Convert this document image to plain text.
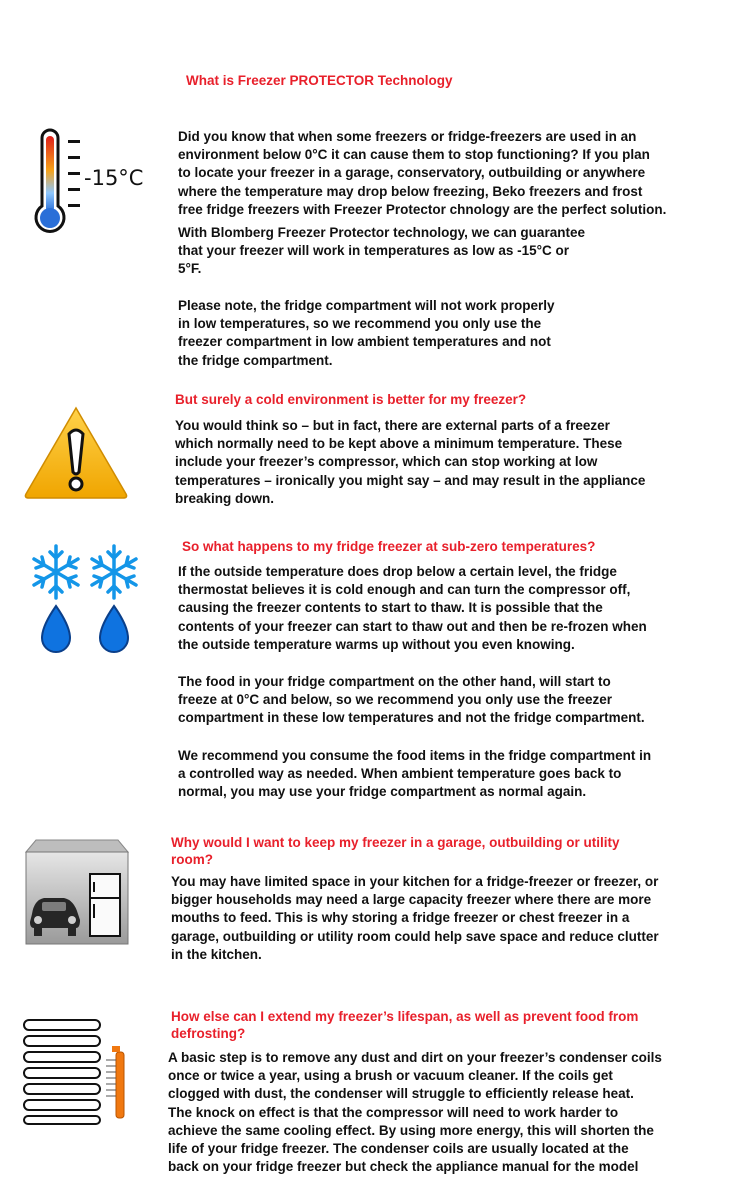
What is Freezer PROTECTOR Technology
-15°C
Did you know that when some freezers or fridge-freezers are used in an
environment below 0°C it can cause them to stop functioning? If you plan
to locate your freezer in a garage, conservatory, outbuilding or anywhere
where the temperature may drop below freezing, Beko freezers and frost
free fridge freezers with Freezer Protector chnology are the perfect solution.
With Blomberg Freezer Protector technology, we can guarantee
that your freezer will work in temperatures as low as -15°C or
5°F.
Please note, the fridge compartment will not work properly
in low temperatures, so we recommend you only use the
freezer compartment in low ambient temperatures and not
the fridge compartment.
But surely a cold environment is better for my freezer?
You would think so – but in fact, there are external parts of a freezer
which normally need to be kept above a minimum temperature. These
include your freezer’s compressor, which can stop working at low
temperatures – ironically you might say – and may result in the appliance
breaking down.
So what happens to my fridge freezer at sub-zero temperatures?
If the outside temperature does drop below a certain level, the fridge
thermostat believes it is cold enough and can turn the compressor off,
causing the freezer contents to start to thaw. It is possible that the
contents of your freezer can start to thaw out and then be re-frozen when
the outside temperature warms up without you even knowing.
The food in your fridge compartment on the other hand, will start to
freeze at 0°C and below, so we recommend you only use the freezer
compartment in these low temperatures and not the fridge compartment.
We recommend you consume the food items in the fridge compartment in
a controlled way as needed. When ambient temperature goes back to
normal, you may use your fridge compartment as normal again.
Why would I want to keep my freezer in a garage, outbuilding or utility
room?
You may have limited space in your kitchen for a fridge-freezer or freezer, or
bigger households may need a large capacity freezer where there are more
mouths to feed. This is why storing a fridge freezer or chest freezer in a
garage, outbuilding or utility room could help save space and reduce clutter
in the kitchen.
How else can I extend my freezer’s lifespan, as well as prevent food from
defrosting?
A basic step is to remove any dust and dirt on your freezer’s condenser coils
once or twice a year, using a brush or vacuum cleaner. If the coils get
clogged with dust, the condenser will struggle to efficiently release heat.
The knock on effect is that the compressor will need to work harder to
achieve the same cooling effect. By using more energy, this will shorten the
life of your fridge freezer. The condenser coils are usually located at the
back on your fridge freezer but check the appliance manual for the model
